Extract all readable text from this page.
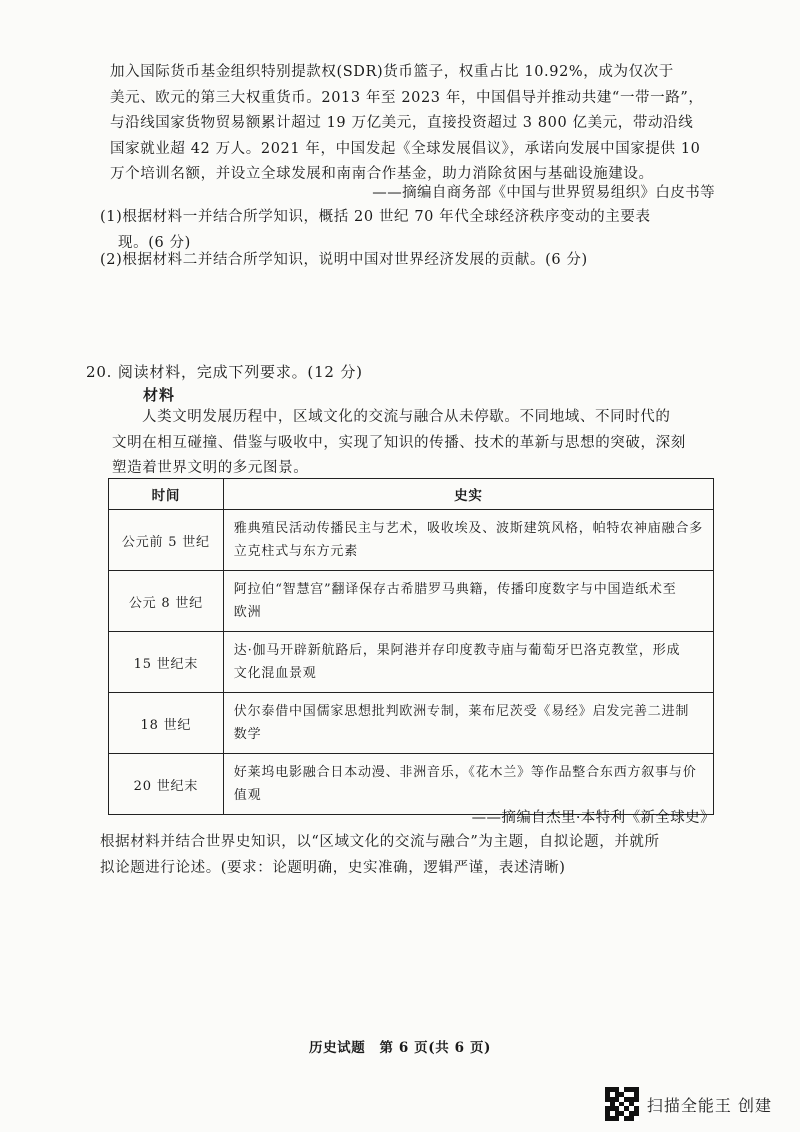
加入国际货币基金组织特别提款权(SDR)货币篮子，权重占比 10.92%，成为仅次于
美元、欧元的第三大权重货币。2013 年至 2023 年，中国倡导并推动共建“一带一路”，
与沿线国家货物贸易额累计超过 19 万亿美元，直接投资超过 3 800 亿美元，带动沿线
国家就业超 42 万人。2021 年，中国发起《全球发展倡议》，承诺向发展中国家提供 10
万个培训名额，并设立全球发展和南南合作基金，助力消除贫困与基础设施建设。
——摘编自商务部《中国与世界贸易组织》白皮书等
(1)根据材料一并结合所学知识，概括 20 世纪 70 年代全球经济秩序变动的主要表
现。(6 分)
(2)根据材料二并结合所学知识，说明中国对世界经济发展的贡献。(6 分)
20. 阅读材料，完成下列要求。(12 分)
材料
人类文明发展历程中，区域文化的交流与融合从未停歇。不同地域、不同时代的
文明在相互碰撞、借鉴与吸收中，实现了知识的传播、技术的革新与思想的突破，深刻
塑造着世界文明的多元图景。
时间	史实
公元前 5 世纪	雅典殖民活动传播民主与艺术，吸收埃及、波斯建筑风格，帕特农神庙融合多
立克柱式与东方元素

公元 8 世纪	阿拉伯“智慧宫”翻译保存古希腊罗马典籍，传播印度数字与中国造纸术至
欧洲

15 世纪末	达·伽马开辟新航路后，果阿港并存印度教寺庙与葡萄牙巴洛克教堂，形成
文化混血景观

18 世纪	伏尔泰借中国儒家思想批判欧洲专制，莱布尼茨受《易经》启发完善二进制
数学

20 世纪末	好莱坞电影融合日本动漫、非洲音乐，《花木兰》等作品整合东西方叙事与价
值观
——摘编自杰里·本特利《新全球史》
根据材料并结合世界史知识，以“区域文化的交流与融合”为主题，自拟论题，并就所
拟论题进行论述。(要求：论题明确，史实准确，逻辑严谨，表述清晰)
历史试题　第 6 页(共 6 页)
扫描全能王 创建
